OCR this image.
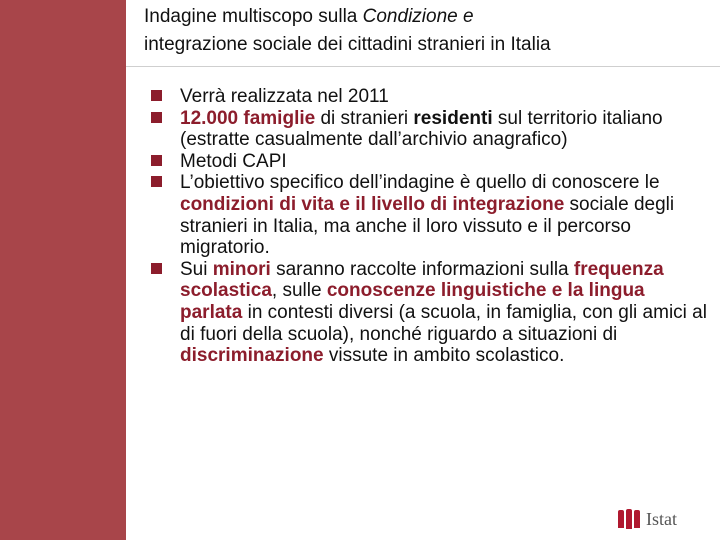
Indagine multiscopo sulla Condizione e
integrazione sociale dei cittadini stranieri in Italia
Verrà realizzata nel 2011
12.000 famiglie di stranieri residenti sul territorio italiano (estratte casualmente dall’archivio anagrafico)
Metodi CAPI
L’obiettivo specifico dell’indagine è quello di conoscere le condizioni di vita e il livello di integrazione sociale degli stranieri in Italia, ma anche il loro vissuto e il percorso migratorio.
Sui minori saranno raccolte informazioni sulla frequenza scolastica, sulle conoscenze linguistiche e la lingua parlata in contesti diversi (a scuola, in famiglia, con gli amici al di fuori della scuola), nonché riguardo a situazioni di discriminazione vissute in ambito scolastico.
Istat
